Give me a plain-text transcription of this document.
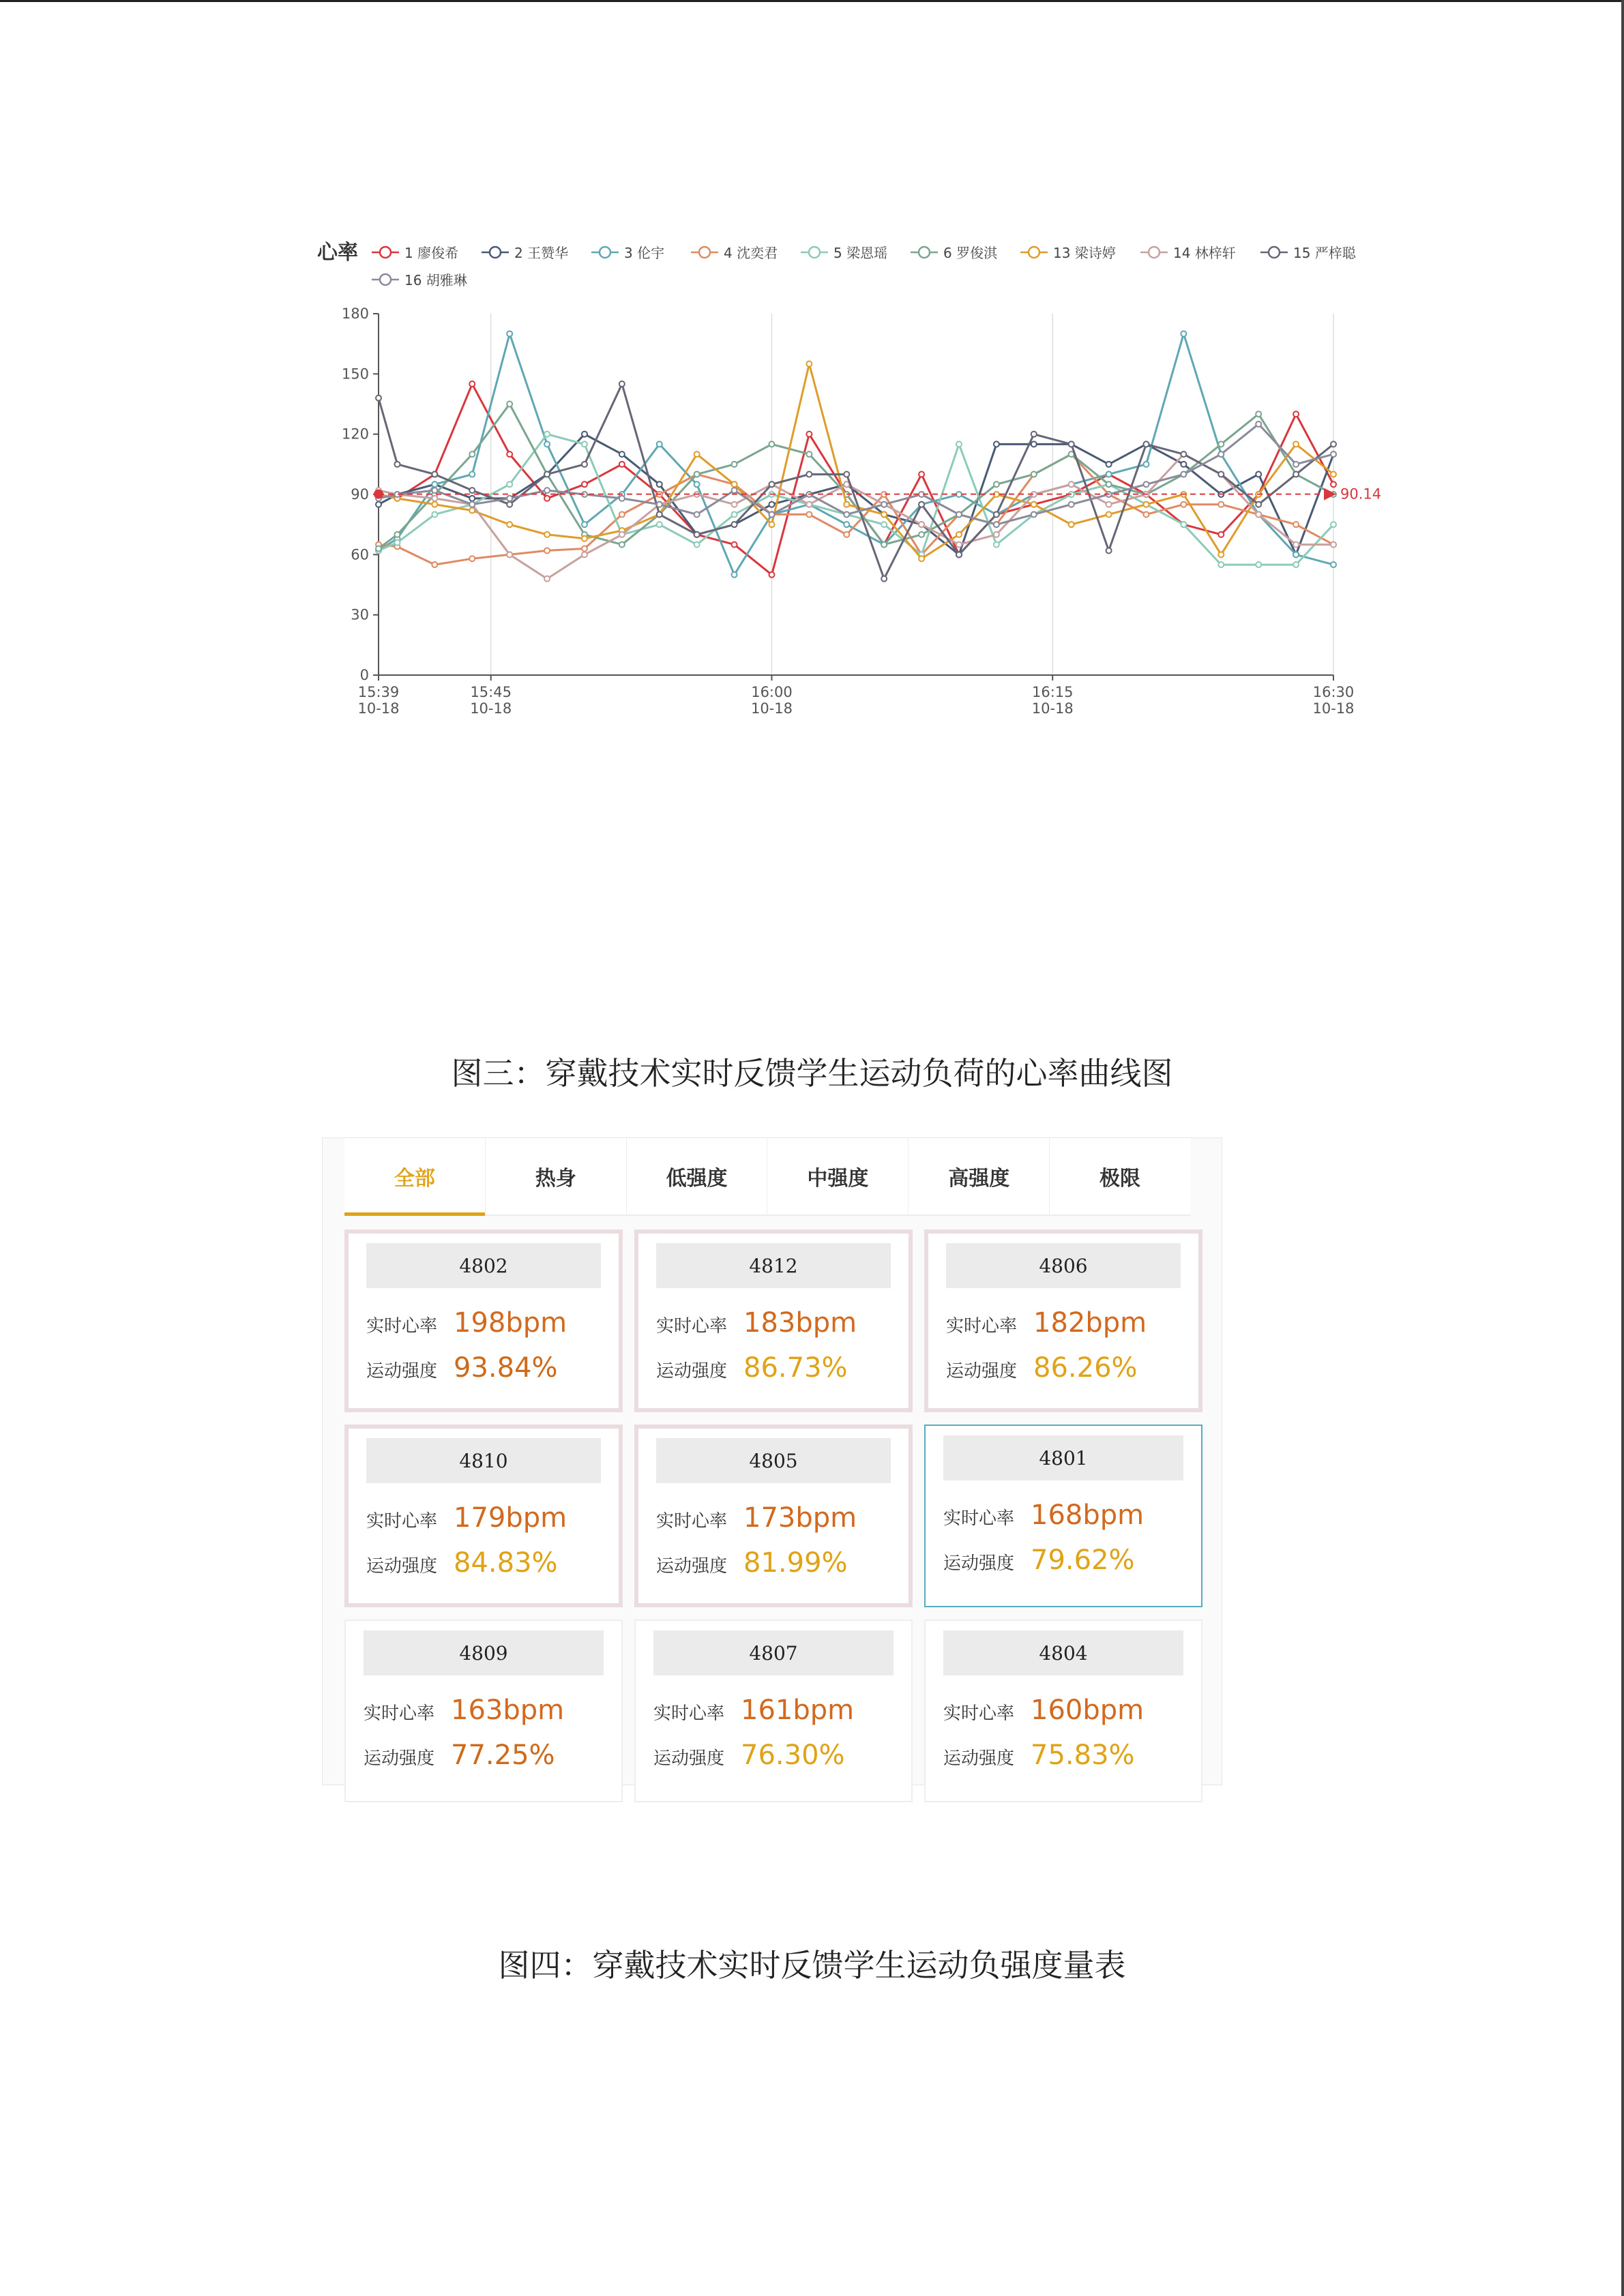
心率	1 廖俊希	2 王赞华	3 伦宇	4 沈奕君	5 梁恩瑶	6 罗俊淇	13 梁诗婷	14 林梓轩	15 严梓聪
16 胡雅琳
0
30
60
90
120
150
180
15:39
10-18
15:45
10-18
16:00
10-18
16:15
10-18
16:30
10-18
90.14
图三：穿戴技术实时反馈学生运动负荷的心率曲线图
全部	热身	低强度	中强度	高强度	极限
4802
实时心率 198bpm
运动强度 93.84%
4812
实时心率 183bpm
运动强度 86.73%
4806
实时心率 182bpm
运动强度 86.26%
4810
实时心率 179bpm
运动强度 84.83%
4805
实时心率 173bpm
运动强度 81.99%
4801
实时心率 168bpm
运动强度 79.62%
4809
实时心率 163bpm
运动强度 77.25%
4807
实时心率 161bpm
运动强度 76.30%
4804
实时心率 160bpm
运动强度 75.83%
图四：穿戴技术实时反馈学生运动负强度量表
